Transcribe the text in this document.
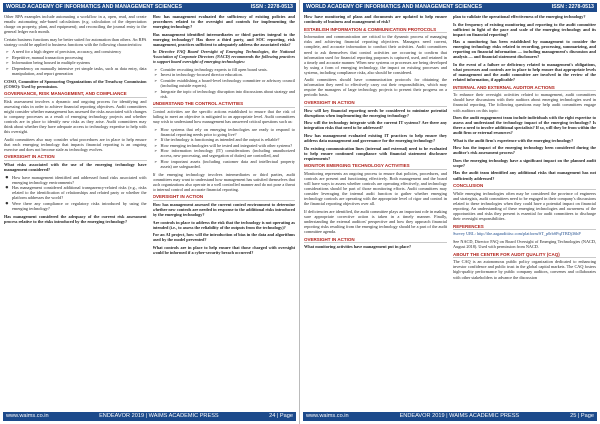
WORLD ACADEMY OF INFORMATICS AND MANAGEMENT SCIENCES	ISSN : 2278-0513

Other RPA examples include automating a workflow in a, open, read, and create emails: automating rule-based calculations (e.g. calculation of the depreciation charge on property, plant, and equipment); and reconciling the journal entry to the general ledger each month.

Certain business functions may be better suited for automation than others. An RPA strategy could be applied to business functions with the following characteristics:

➢ A need for a high degree of precision, accuracy, and consistency
➢ Repetitive, manual transaction processing
➢ Information being housed in multiple systems
➢ Dependency on manually intensive yet simple tasks, such as data entry, data manipulation, and report generation

COSO, Committee of Sponsoring Organizations of the Treadway Commission (COSO): Used by permission.

GOVERNANCE, RISK MANAGEMENT, AND COMPLIANCE

Risk assessment involves a dynamic and ongoing process for identifying and assessing risks in order to achieve financial reporting objectives. Audit committees might consider whether management has assessed the risks associated with changes to company processes as a result of emerging technology projects and whether controls are in place to identify new risks as they arise. Audit committees may think about whether they have adequate access to technology expertise to help with this oversight.

Audit committees also may consider what procedures are in place to help ensure that each emerging technology that impacts financial reporting is an ongoing exercise and does not become stale as technology evolves.

OVERSIGHT IN ACTION

What risks associated with the use of the emerging technology have management considered?

● How have management identified and addressed fraud risks associated with emerging technology environments?
● Has management considered additional transparency-related risks (e.g., risks related to the identification of relationships and related party or whether the platform addresses the world?
● Were there any compliance or regulatory risks introduced by using the emerging technology?

Has management considered the adequacy of the current risk assessment process relative to the risks introduced by the emerging technology?

How has management evaluated the sufficiency of existing policies and procedures related to the oversight and controls for implementing the emerging technology?

Has management identified intermediaries or third parties integral to the emerging technology? Has there a third party, and SOC reporting, risk management, practices sufficient to adequately address the associated risks?

In Directive FAQ Board Oversight of Emerging Technologies, the National Association of Corporate Directors (NACD) recommends the following practices to support board oversight of emerging technologies:

➢ Consider recruiting technology experts to fill open board seats.
➢ Invest in technology-focused director education.
➢ Consider establishing a board-level technology committee or advisory council (including outside experts).
➢ Integrate the topic of technology disruption into discussions about strategy and risk.
UNDERSTAND THE CONTROL ACTIVITIES

Control activities are the specific actions established to ensure that the risk of failing to meet an objective is mitigated to an appropriate level. Audit committees may wish to understand how management has answered critical questions such as:

➢ How systems that rely on emerging technologies are ready to respond to financial reporting needs prior to going live?
➢ If the technology is functioning as intended and the output is reliable?
➢ How emerging technologies will be tested and integrated with other systems?
➢ How information technology (IT) considerations (including unauthorized access, new processing, and segregation of duties) are controlled, and
➢ How important assets (including customer data and intellectual property assets) are safeguarded.

If the emerging technology involves intermediaries or third parties, audit committees may want to understand how management has satisfied themselves that such organizations also operate in a well controlled manner and do not pose a threat to internal control and accurate financial reporting.

OVERSIGHT IN ACTION

How has management assessed the current control environment to determine whether new controls are needed in response to the additional risks introduced by the emerging technology?

Are controls in place to address the risk that the technology is not operating as intended (i.e., to assess the reliability of the outputs from the technology)?

For an AI project, how will the introduction of bias in the data and algorithms used by the model prevented?

What controls are in place to help ensure that those charged with oversight would be informed if a cyber-security breach occurred?

www.waims.co.in	ENDEAVOR 2019 | WAIMS ACADEMIC PRESS	24 | Page
WORLD ACADEMY OF INFORMATICS AND MANAGEMENT SCIENCES	ISSN : 2278-0513

How have monitoring of plans and documents are updated to help ensure continuity of business and management of risk?

ESTABLISH INFORMATION & COMMUNICATION PROTOCOLS

Information and communication are critical to the dynamic process of managing risks and achieving financial reporting objectives. Managers need current, complete, and accurate information to conduct their activities. Audit committees need to ask themselves that control activities are occurring to confirm that information used for financial reporting purposes is captured, used, and retained in a timely and accurate manner. When new systems or processes are being developed by using a form of emerging technology, the impact on existing processes and systems, including compliance risks, also should be considered.

Audit committees should have communication protocols for obtaining the information they need to effectively carry out their responsibilities, which may require the managers of large technology projects to present their progress on a periodic basis.

OVERSIGHT IN ACTION

How will key financial reporting needs be considered to minimize potential disruptions when implementing the emerging technology?

How will the technology integrate with the current IT systems? Are there any integration risks that need to be addressed?

How has management evaluated existing IT practices to help ensure they address data management and governance for the emerging technology?

Do existing communication lines (internal and external) need to be evaluated to help ensure continued compliance with financial statement disclosure requirements?

MONITOR EMERGING TECHNOLOGY ACTIVITIES

Monitoring represents an ongoing process to ensure that policies, procedures, and controls are present and functioning effectively. Both management and the board will have ways to assess whether controls are operating effectively, and technology considerations should be part of those monitoring efforts. Audit committees may consider leveraging the internal audit function to gather whether emerging technology controls are operating with the appropriate level of rigor and control in the financial reporting objectives over all.

If deficiencies are identified, the audit committee plays an important role in making sure appropriate corrective action is taken in a timely manner. Finally, understanding the external auditors' perspective and how they approach financial reporting risks resulting from the emerging technology should be a part of the audit committee agenda.

OVERSIGHT IN ACTION

What monitoring activities have management put in place?

plan to validate the operational effectiveness of the emerging technology?

Is the frequency of existing monitoring and reporting to the audit committee sufficient in light of the pace and scale of the emerging technology and its impact on financial reporting?

Has a monitoring has been established by management to consider the emerging technology risks related to recording, processing, summarizing, and reporting on financial information — including management's discussion and analysis — and financial statement disclosures?

In the event of a failure or deficiency related to management's obligations, what processes and controls are in place to help ensure that appropriate levels of management and the audit committee are involved in the review of the related information, if applicable?

INTERNAL AND EXTERNAL AUDITOR ACTIONS

To enhance their oversight activities related to management, audit committees should have discussions with their auditors about emerging technologies used in financial reporting. The following questions may help audit committees engage with auditors on this topic:

Does the audit engagement team include individuals with the right expertise to assess and understand the technology impact of the emerging technology? Is there a need to involve additional specialists? If so, will they be from within the audit firm or external resources?

What is the audit firm's experience with the emerging technology?

How has the impact of the emerging technology been considered during the auditor's risk assessment process?

Does the emerging technology have a significant impact on the planned audit scope?

Has the audit team identified any additional risks that management has not sufficiently addressed?

CONCLUSION

While emerging technologies often may be considered the province of engineers and strategists, audit committees need to be engaged in their company's discussions related to these technologies when they could have a potential impact on financial reporting. An understanding of these emerging technologies and awareness of the opportunities and risks they present is essential for audit committees to discharge their oversight responsibilities.

REFERENCES

Survey URL: http://the.aagaudittisc.com/platform/ST_p0rbSPqJTBDj36hP

See NACD, Director FAQ on Board Oversight of Emerging Technologies (NACD, August 2018). Used with permission from NACD.

ABOUT THE CENTER FOR AUDIT QUALITY (CAQ)

The CAQ is an autonomous public policy organization dedicated to enhancing investor confidence and public trust in the global capital markets. The CAQ fosters high-quality performance by public company auditors, convenes and collaborates with other stakeholders to advance the discussion

www.waims.co.in	ENDEAVOR 2019 | WAIMS ACADEMIC PRESS	25 | Page
